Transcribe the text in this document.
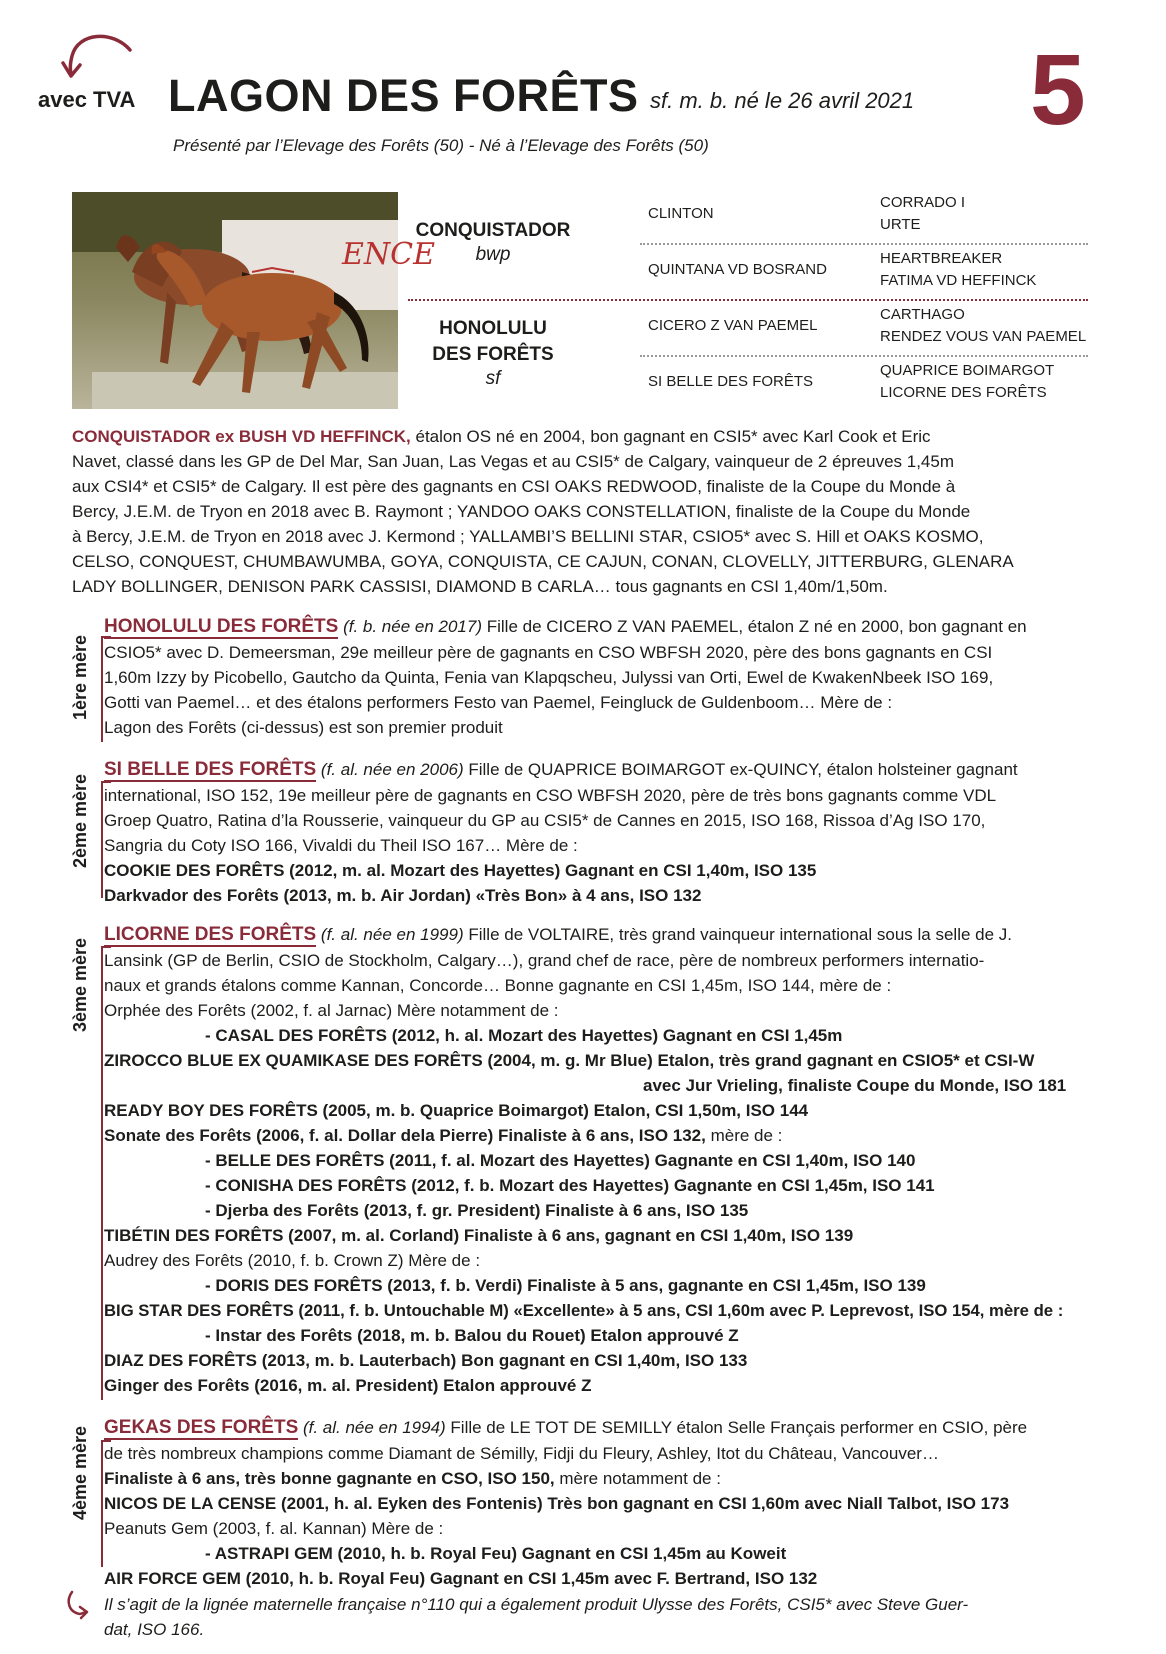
avec TVA LAGON DES FORÊTS sf. m. b. né le 26 avril 2021 5
Présenté par l’Elevage des Forêts (50) - Né à l’Elevage des Forêts (50)
ENCE
CONQUISTADOR
bwp
HONOLULU
DES FORÊTS
sf
CLINTON
QUINTANA VD BOSRAND
CICERO Z VAN PAEMEL
SI BELLE DES FORÊTS
CORRADO I
URTE
HEARTBREAKER
FATIMA VD HEFFINCK
CARTHAGO
RENDEZ VOUS VAN PAEMEL
QUAPRICE BOIMARGOT
LICORNE DES FORÊTS
CONQUISTADOR ex BUSH VD HEFFINCK, étalon OS né en 2004, bon gagnant en CSI5* avec Karl Cook et Eric
Navet, classé dans les GP de Del Mar, San Juan, Las Vegas et au CSI5* de Calgary, vainqueur de 2 épreuves 1,45m
aux CSI4* et CSI5* de Calgary. Il est père des gagnants en CSI OAKS REDWOOD, finaliste de la Coupe du Monde à
Bercy, J.E.M. de Tryon en 2018 avec B. Raymont ; YANDOO OAKS CONSTELLATION, finaliste de la Coupe du Monde
à Bercy, J.E.M. de Tryon en 2018 avec J. Kermond ; YALLAMBI’S BELLINI STAR, CSIO5* avec S. Hill et OAKS KOSMO,
CELSO, CONQUEST, CHUMBAWUMBA, GOYA, CONQUISTA, CE CAJUN, CONAN, CLOVELLY, JITTERBURG, GLENARA
LADY BOLLINGER, DENISON PARK CASSISI, DIAMOND B CARLA… tous gagnants en CSI 1,40m/1,50m.
1ère mère
HONOLULU DES FORÊTS (f. b. née en 2017) Fille de CICERO Z VAN PAEMEL, étalon Z né en 2000, bon gagnant en
CSIO5* avec D. Demeersman, 29e meilleur père de gagnants en CSO WBFSH 2020, père des bons gagnants en CSI
1,60m Izzy by Picobello, Gautcho da Quinta, Fenia van Klapqscheu, Julyssi van Orti, Ewel de KwakenNbeek ISO 169,
Gotti van Paemel… et des étalons performers Festo van Paemel, Feingluck de Guldenboom… Mère de :
Lagon des Forêts (ci-dessus) est son premier produit
2ème mère
SI BELLE DES FORÊTS (f. al. née en 2006) Fille de QUAPRICE BOIMARGOT ex-QUINCY, étalon holsteiner gagnant
international, ISO 152, 19e meilleur père de gagnants en CSO WBFSH 2020, père de très bons gagnants comme VDL
Groep Quatro, Ratina d’la Rousserie, vainqueur du GP au CSI5* de Cannes en 2015, ISO 168, Rissoa d’Ag ISO 170,
Sangria du Coty ISO 166, Vivaldi du Theil ISO 167… Mère de :
COOKIE DES FORÊTS (2012, m. al. Mozart des Hayettes) Gagnant en CSI 1,40m, ISO 135
Darkvador des Forêts (2013, m. b. Air Jordan) «Très Bon» à 4 ans, ISO 132
3ème mère
LICORNE DES FORÊTS (f. al. née en 1999) Fille de VOLTAIRE, très grand vainqueur international sous la selle de J.
Lansink (GP de Berlin, CSIO de Stockholm, Calgary…), grand chef de race, père de nombreux performers internatio-
naux et grands étalons comme Kannan, Concorde… Bonne gagnante en CSI 1,45m, ISO 144, mère de :
Orphée des Forêts (2002, f. al Jarnac) Mère notamment de :
- CASAL DES FORÊTS (2012, h. al. Mozart des Hayettes) Gagnant en CSI 1,45m
ZIROCCO BLUE EX QUAMIKASE DES FORÊTS (2004, m. g. Mr Blue) Etalon, très grand gagnant en CSIO5* et CSI-W
avec Jur Vrieling, finaliste Coupe du Monde, ISO 181
READY BOY DES FORÊTS (2005, m. b. Quaprice Boimargot) Etalon, CSI 1,50m, ISO 144
Sonate des Forêts (2006, f. al. Dollar dela Pierre) Finaliste à 6 ans, ISO 132, mère de :
- BELLE DES FORÊTS (2011, f. al. Mozart des Hayettes) Gagnante en CSI 1,40m, ISO 140
- CONISHA DES FORÊTS (2012, f. b. Mozart des Hayettes) Gagnante en CSI 1,45m, ISO 141
- Djerba des Forêts (2013, f. gr. President) Finaliste à 6 ans, ISO 135
TIBÉTIN DES FORÊTS (2007, m. al. Corland) Finaliste à 6 ans, gagnant en CSI 1,40m, ISO 139
Audrey des Forêts (2010, f. b. Crown Z) Mère de :
- DORIS DES FORÊTS (2013, f. b. Verdi) Finaliste à 5 ans, gagnante en CSI 1,45m, ISO 139
BIG STAR DES FORÊTS (2011, f. b. Untouchable M) «Excellente» à 5 ans, CSI 1,60m avec P. Leprevost, ISO 154, mère de :
- Instar des Forêts (2018, m. b. Balou du Rouet) Etalon approuvé Z
DIAZ DES FORÊTS (2013, m. b. Lauterbach) Bon gagnant en CSI 1,40m, ISO 133
Ginger des Forêts (2016, m. al. President) Etalon approuvé Z
4ème mère GEKAS DES FORÊTS (f. al. née en 1994) Fille de LE TOT DE SEMILLY étalon Selle Français performer en CSIO, père
de très nombreux champions comme Diamant de Sémilly, Fidji du Fleury, Ashley, Itot du Château, Vancouver…
Finaliste à 6 ans, très bonne gagnante en CSO, ISO 150, mère notamment de :
NICOS DE LA CENSE (2001, h. al. Eyken des Fontenis) Très bon gagnant en CSI 1,60m avec Niall Talbot, ISO 173
Peanuts Gem (2003, f. al. Kannan) Mère de :
- ASTRAPI GEM (2010, h. b. Royal Feu) Gagnant en CSI 1,45m au Koweit
AIR FORCE GEM (2010, h. b. Royal Feu) Gagnant en CSI 1,45m avec F. Bertrand, ISO 132
Il s’agit de la lignée maternelle française n°110 qui a également produit Ulysse des Forêts, CSI5* avec Steve Guer-
dat, ISO 166.
